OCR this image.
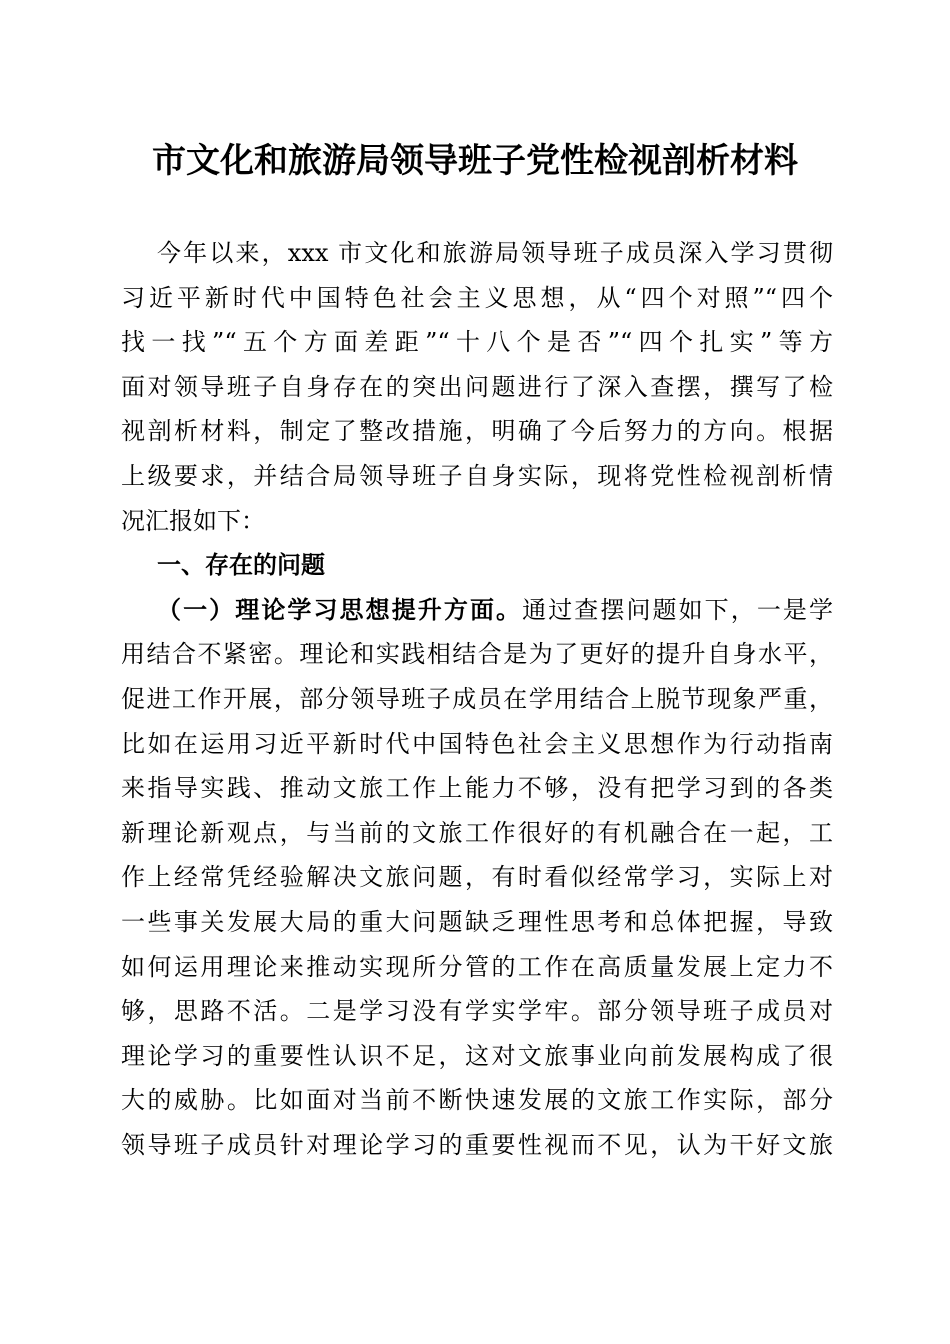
市文化和旅游局领导班子党性检视剖析材料
今年以来，xxx 市文化和旅游局领导班子成员深入学习贯彻
习近平新时代中国特色社会主义思想，从“四个对照”“四个
找一找”“五个方面差距”“十八个是否”“四个扎实”等方
面对领导班子自身存在的突出问题进行了深入查摆，撰写了检
视剖析材料，制定了整改措施，明确了今后努力的方向。根据
上级要求，并结合局领导班子自身实际，现将党性检视剖析情
况汇报如下：
一、存在的问题
（一）理论学习思想提升方面。通过查摆问题如下，一是学
用结合不紧密。理论和实践相结合是为了更好的提升自身水平，
促进工作开展，部分领导班子成员在学用结合上脱节现象严重，
比如在运用习近平新时代中国特色社会主义思想作为行动指南
来指导实践、推动文旅工作上能力不够，没有把学习到的各类
新理论新观点，与当前的文旅工作很好的有机融合在一起，工
作上经常凭经验解决文旅问题，有时看似经常学习，实际上对
一些事关发展大局的重大问题缺乏理性思考和总体把握，导致
如何运用理论来推动实现所分管的工作在高质量发展上定力不
够，思路不活。二是学习没有学实学牢。部分领导班子成员对
理论学习的重要性认识不足，这对文旅事业向前发展构成了很
大的威胁。比如面对当前不断快速发展的文旅工作实际，部分
领导班子成员针对理论学习的重要性视而不见，认为干好文旅
